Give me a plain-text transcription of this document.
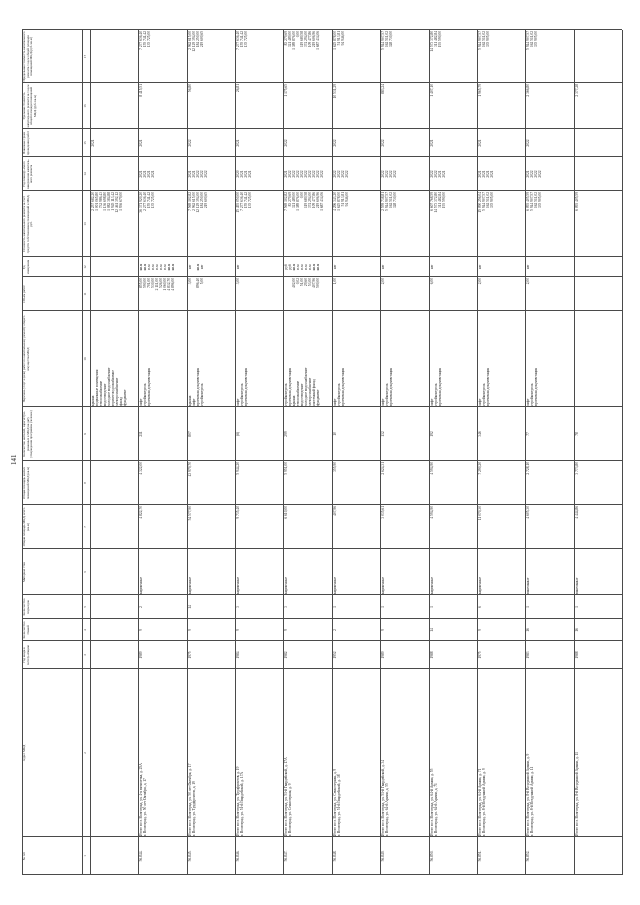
141
№ п/п
Адрес МКД
Год ввода в эксплу-атацию
Коли-чество этажей
Коли-чество подъездов
Материал стен
Общая площадь МКД, всего (кв.м)
Общая площадь жилых помещений МКД (кв.м)
Количество жителей, зарегистри-рованных в МКД на дату утверждения программы (человек)
Перечень услуг и (или) работ по капитальному ремонту общего имущества МКД
Объем работ
Ед. измерения
Стоимость капитального ремонта за счет средств собственников помещений в МКД, руб.
Год планиру-емого завершения капиталь-ного ремонта
Плановые сроки проведения работ
Удельная стоимость капитального ремонта за 1 кв.м общей площади помещений МКД (руб./кв.м)
Предельная стоимость капитального ремонта 1 кв.м общей площади помещений МКД (руб./кв.м)
1
2
3
4
5
6
7
8
9
10
11
12
13
14
15
16
17
крыша
подвальные помещения
теплоснабжение
водоотведение
холодное водоснабжение
горячее водоснабжение
электроснабжение
фасад
фундамент
2 257 682,20
1 001 065,80
732 986,43
1 136 698,80
1 082 384,88
1 945 113,42
12 461 392,12
1 936 679,00
2021
56.844.
Итого по г. Волгоград, ул. 4-я пятилетка, д. 25А
г. Волгоград, ул. 50 лет Октября, д. 17
1989
9
2
кирпичные
4 822,70
4 322,00
211
лифт
стройконтроль
проектная документация
855,00
590,00
701,00
530,00
2 111,00
526,00
1 060,00
4 832,70
4 896,00
кв.м
кв.м
п.м
п.м
п.м
п.м
п.м
кв.м
кв.м
36 371 920,20
2 277 636,40
155 741,42
135 725,00
2021
2021
2021
2021
2021
8 415,51
7 277 636,40
155 741,42
135 725,00
56.845.
Итого по г. Волгоград, ул. 50 лет Октября, д. 17
г. Волгоград, ул. Трудфронтов, д. 19
1975
9
14
кирпичные
54 577,90
43 979,70
807
крыша
лифт
проектная документация
стройконтроль
3,00

896,40
5,00
шт

кв.м
шт
7 569 102,82
2 962 615,00
12 129 394,00
184 250,00
219 600,65
2021
2021
2022
2022
2022
2022
56,80
2 962 615,00
12 129 394,00
184 250,00
219 600,65
56.846.
Итого по г. Волгоград, ул. Трудфронтов, д. 19
г. Волгоград, ул. 51-й Гвардейской, д. 17А
1984
9
3
кирпичные
9 735,40
5 944,20
(б)
лифт
стройконтроль
проектная документация
3,00
шт
15 493 050,00
7 277 636,40
155 741,42
135 725,00
2020
2021
2021
2021
2021
26,81
7 277 636,40
155 741,42
135 725,00
56.847.
Итого по г. Волгоград, ул. 51-й Гвардейской, д. 17А
г. Волгоград, ул. Сеннозерная, д. 9
1982
9
3
кирпичные
6 610,00
5 951,00
299
стройконтроль
проектная документация
крыша
теплоснабжение
водоотведение
холодное водоснабжение
электроснабжение
системный фасад
фундамент

402,00
0,02
51,00
29,60
53,00
407,96
500,00
руб
руб
кв.м
п.м
п.м
п.м
п.м
кв.м
кв.м
7 569 102,82
83 279,69
321 489,00
1 389 876,00
0,00
119 680,58
374 294,00
109 477,86
219 606,96
1 687 434,06
2021
2022
2022
2022
2022
2022
2022
2022
2022
2022
2022
1 175,65
83 279,69
321 489,00
1 389 876,00
0,00
119 680,58
374 294,00
109 477,86
219 606,96
1 687 434,06
56.848.
Итого по г. Волгоград, ул. Сеннозерная, д. 9
г. Волгоград, ул. 51-й Гвардейской, д. 38
1952
2
1
кирпичные
407,96
355,90
10
лифт
стройконтроль
проектная документация
1,00
шт
4 296 343,20
1 625 878,00
51 913,81
94 946,00
2022
2022
2022
2022
2022
10 531,29
1 625 878,00
51 913,81
94 946,00
56.849.
Итого по г. Волгоград, ул. 51-й Гвардейской, д. 34
г. Волгоград, ул. 64-й Армии, д. 55
1989
9
1
кирпичные
3 035,61
2 624,31
132
лифт
стройконтроль
проектная документация
2,00
шт
2 559 738,81
5 944 907,57
162 511,02
328 730,00
2022
2022
2022
2022
2022
883,24
5 944 907,57
162 511,02
328 730,00
56.850.
Итого по г. Волгоград, ул. 64-й Армии, д. 55
г. Волгоград, ул. 64-й Армии, д. 71
1988
14
1
кирпичные
4 594,90
4 594,90
192
лифт
стройконтроль
проектная документация
6,00
шт
6 607 768,59
14 573 372,80
311 482,84
193 590,00
2022
2022
2021
2021
2021
1 407,10
14 573 372,80
311 482,84
193 590,00
56.851.
Итого по г. Волгоград, ул. 64-й Армии, д. 71
г. Волгоград, ул. 8-й Воздушной Армии, д. 9
1975
9
6
кирпичные
11 070,30
7 290,20
346
лифт
стройконтроль
проектная документация
2,00
шт
15 090 256,04
5 944 907,57
162 511,02
335 905,00
2021
2021
2021
2021
2021
1 965,79
5 944 907,57
162 511,02
335 905,00
56.852.
Итого по г. Волгоград, ул. 8-й Воздушной Армии, д. 9
г. Волгоград, ул. 8-й Воздушной Армии, д. 11
1983
16
1
панельные
4 605,30
2 728,10
77
лифт
стройконтроль
проектная документация
2,00
шт
6 093 405,59
5 944 907,57
162 511,02
335 905,00
2021
2022
2022
2022
2022
2 366,80
5 944 907,57
162 511,02
335 905,00
Итого по г. Волгоград, ул. 8-й Воздушной Армии, д. 11
1988
16
1
панельные
4 444,86
3 773,80
78
6 093 405,59
2 377,28
